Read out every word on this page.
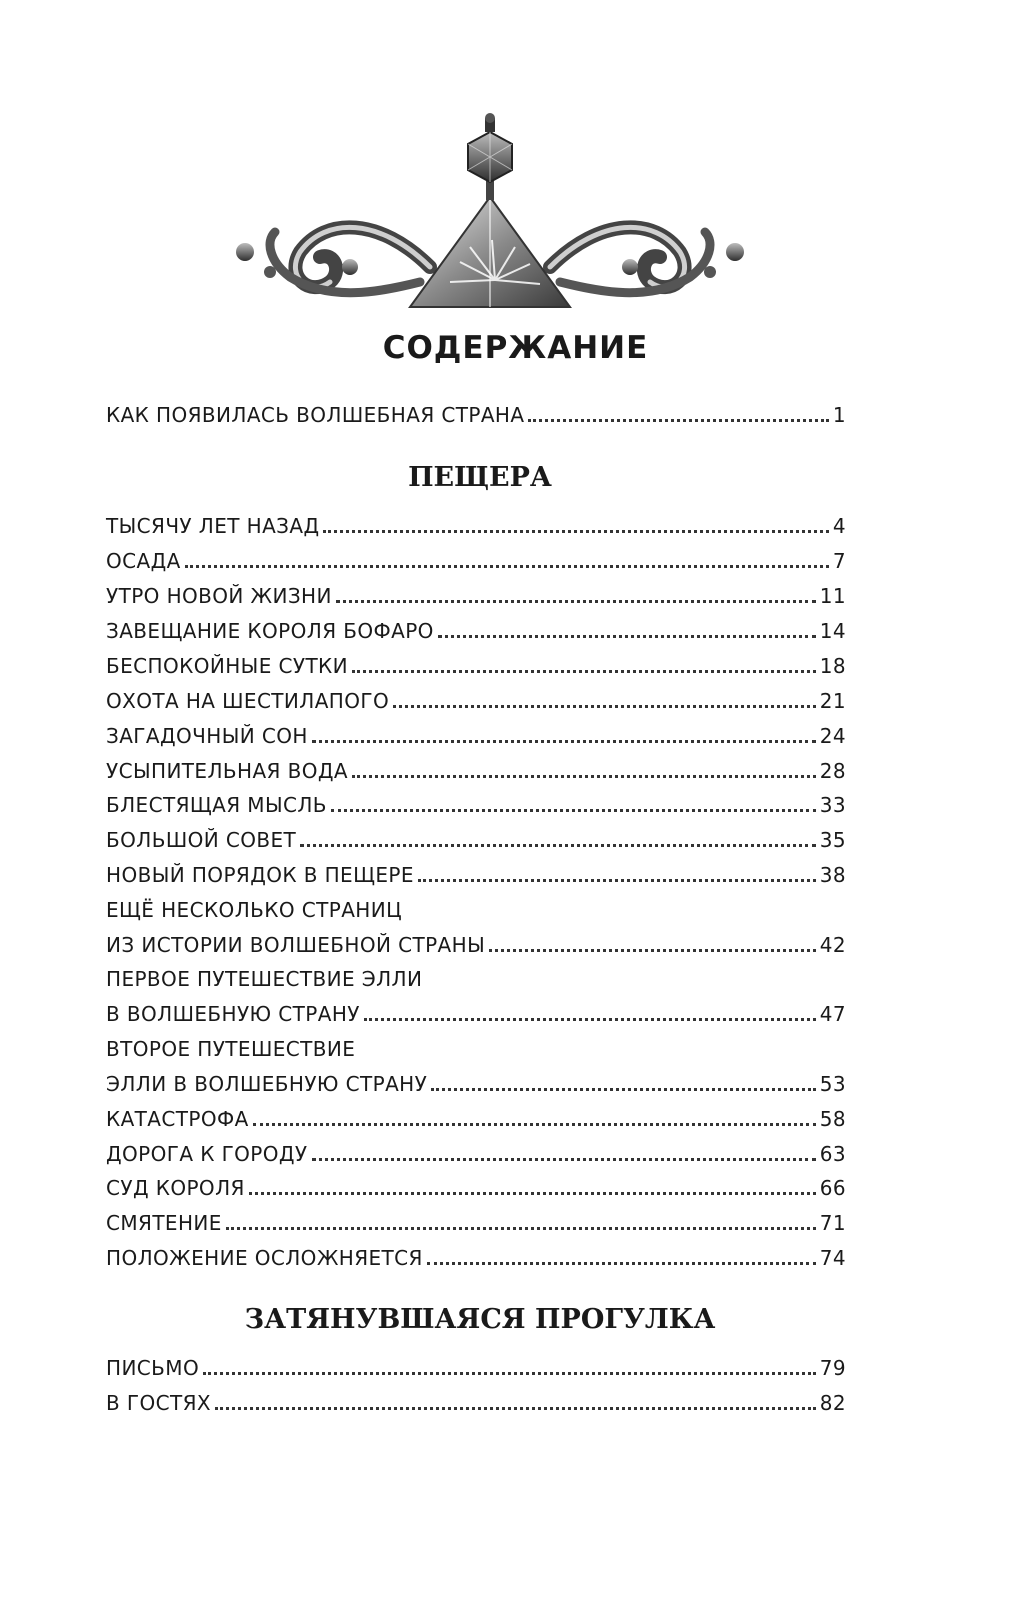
СОДЕРЖАНИЕ
КАК ПОЯВИЛАСЬ ВОЛШЕБНАЯ СТРАНА	1
ПЕЩЕРА
ТЫСЯЧУ ЛЕТ НАЗАД	4
ОСАДА	7
УТРО НОВОЙ ЖИЗНИ	11
ЗАВЕЩАНИЕ КОРОЛЯ БОФАРО	14
БЕСПОКОЙНЫЕ СУТКИ	18
ОХОТА НА ШЕСТИЛАПОГО	21
ЗАГАДОЧНЫЙ СОН	24
УСЫПИТЕЛЬНАЯ ВОДА	28
БЛЕСТЯЩАЯ МЫСЛЬ	33
БОЛЬШОЙ СОВЕТ	35
НОВЫЙ ПОРЯДОК В ПЕЩЕРЕ	38
ЕЩЁ НЕСКОЛЬКО СТРАНИЦ
ИЗ ИСТОРИИ ВОЛШЕБНОЙ СТРАНЫ	42
ПЕРВОЕ ПУТЕШЕСТВИЕ ЭЛЛИ
В ВОЛШЕБНУЮ СТРАНУ	47
ВТОРОЕ ПУТЕШЕСТВИЕ
ЭЛЛИ В ВОЛШЕБНУЮ СТРАНУ	53
КАТАСТРОФА	58
ДОРОГА К ГОРОДУ	63
СУД КОРОЛЯ	66
СМЯТЕНИЕ	71
ПОЛОЖЕНИЕ ОСЛОЖНЯЕТСЯ	74
ЗАТЯНУВШАЯСЯ ПРОГУЛКА
ПИСЬМО	79
В ГОСТЯХ	82
